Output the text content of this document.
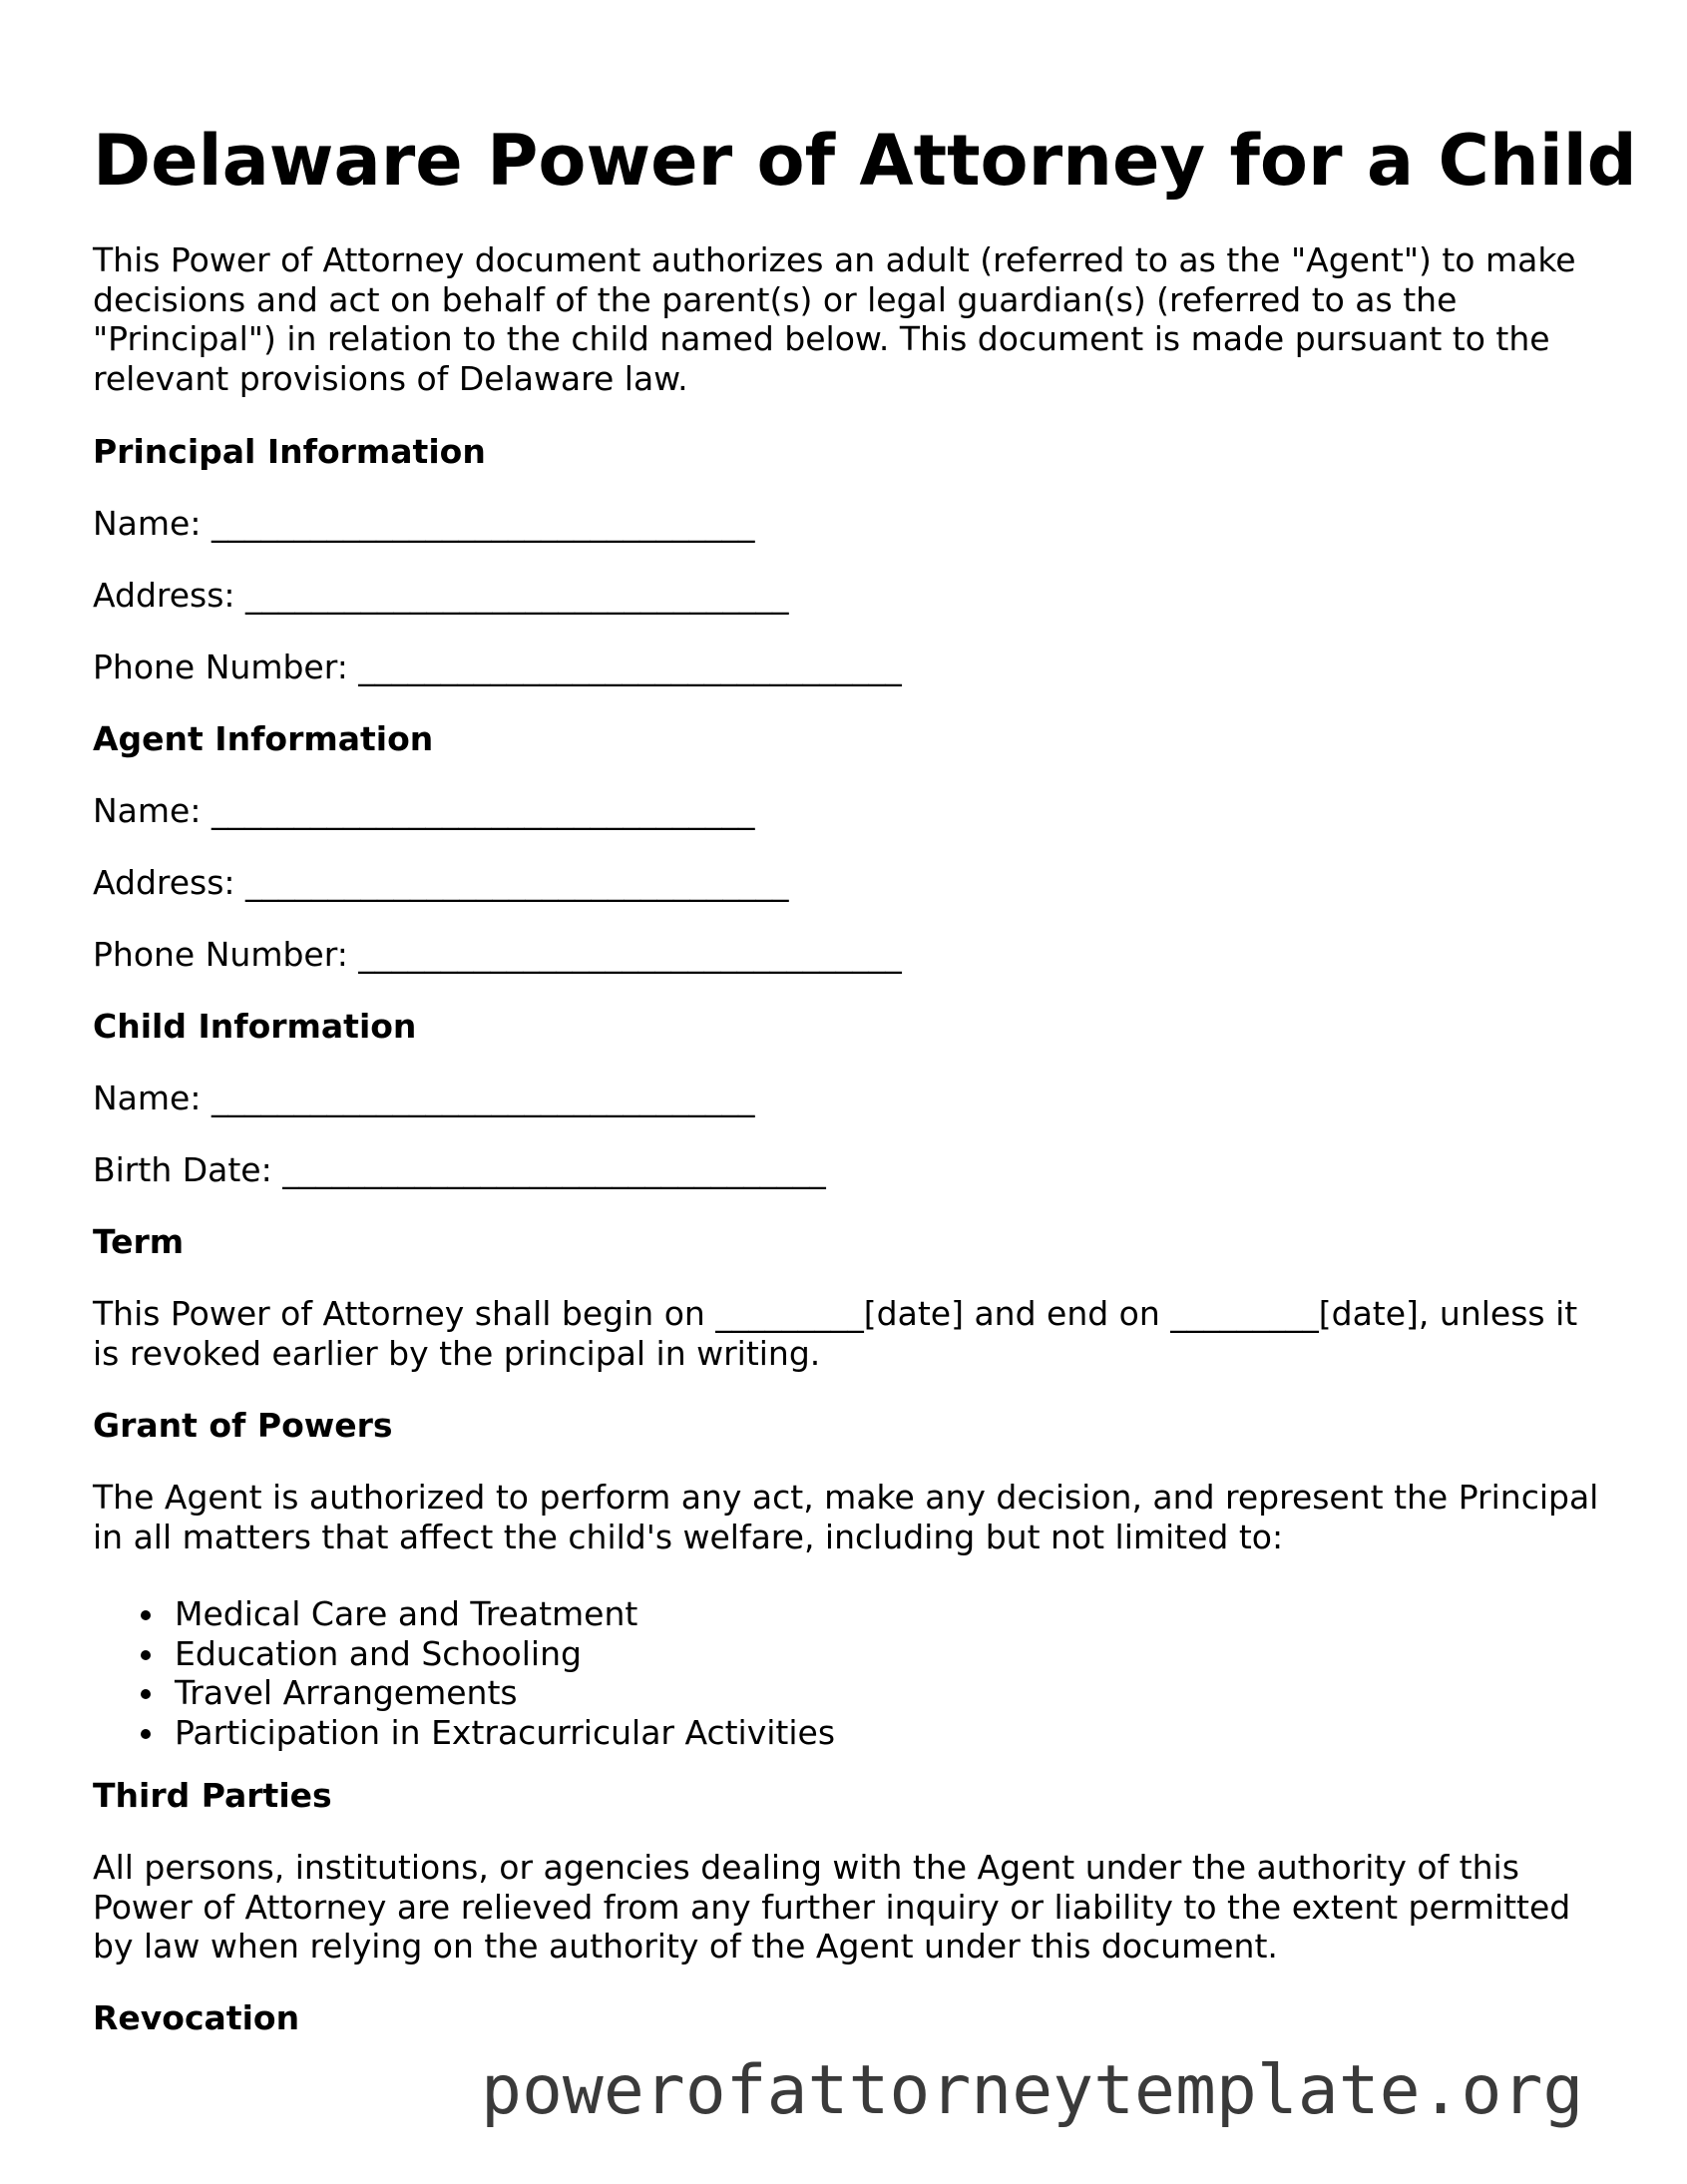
Delaware Power of Attorney for a Child

This Power of Attorney document authorizes an adult (referred to as the "Agent") to make decisions and act on behalf of the parent(s) or legal guardian(s) (referred to as the "Principal") in relation to the child named below. This document is made pursuant to the relevant provisions of Delaware law.

Principal Information

Name: _________________________________

Address: _________________________________

Phone Number: _________________________________

Agent Information

Name: _________________________________

Address: _________________________________

Phone Number: _________________________________

Child Information

Name: _________________________________

Birth Date: _________________________________

Term

This Power of Attorney shall begin on _________[date] and end on _________[date], unless it is revoked earlier by the principal in writing.

Grant of Powers

The Agent is authorized to perform any act, make any decision, and represent the Principal in all matters that affect the child's welfare, including but not limited to:

Medical Care and Treatment
Education and Schooling
Travel Arrangements
Participation in Extracurricular Activities
Third Parties

All persons, institutions, or agencies dealing with the Agent under the authority of this Power of Attorney are relieved from any further inquiry or liability to the extent permitted by law when relying on the authority of the Agent under this document.

Revocation
powerofattorneytemplate.org
